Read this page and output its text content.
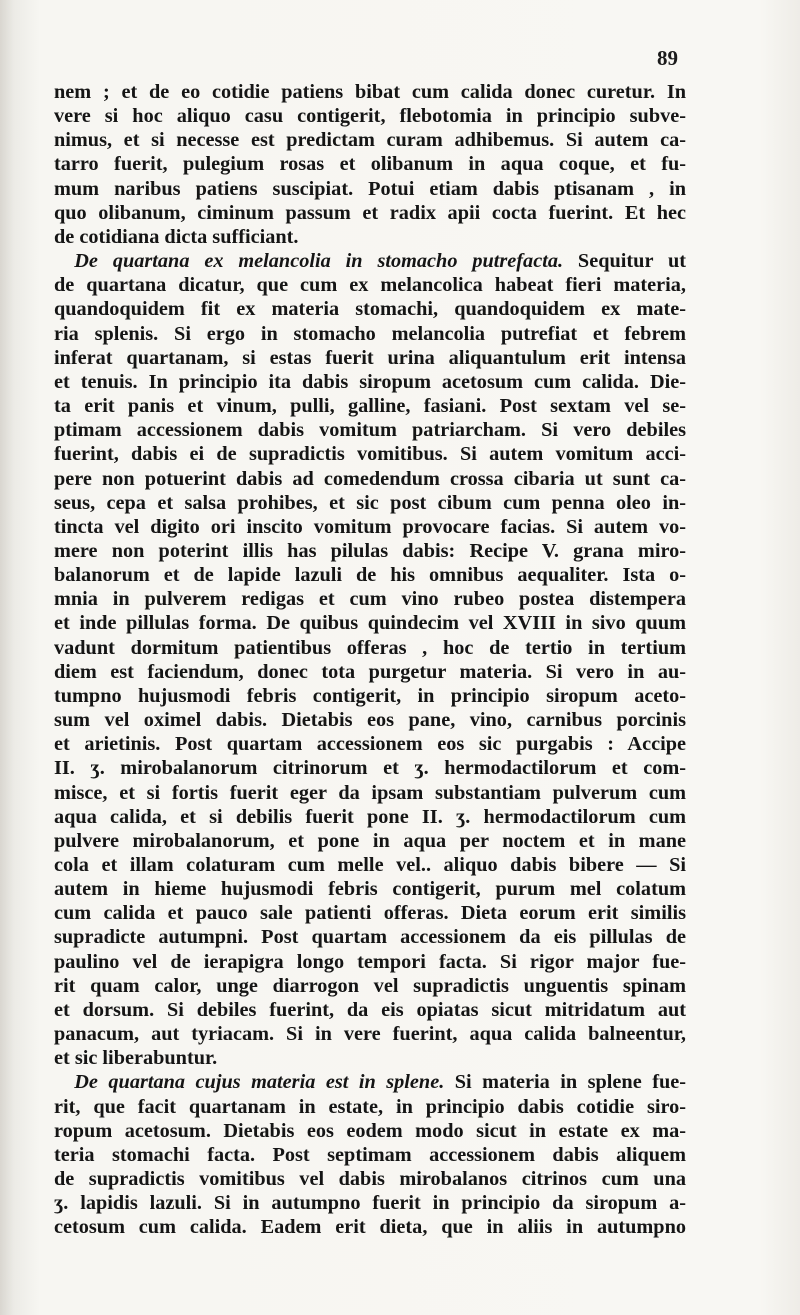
89
nem ; et de eo cotidie patiens bibat cum calida donec curetur. In
vere si hoc aliquo casu contigerit, flebotomia in principio subve-
nimus, et si necesse est predictam curam adhibemus. Si autem ca-
tarro fuerit, pulegium rosas et olibanum in aqua coque, et fu-
mum naribus patiens suscipiat. Potui etiam dabis ptisanam , in
quo olibanum, ciminum passum et radix apii cocta fuerint. Et hec
de cotidiana dicta sufficiant.
 De quartana ex melancolia in stomacho putrefacta. Sequitur ut
de quartana dicatur, que cum ex melancolica habeat fieri materia,
quandoquidem fit ex materia stomachi, quandoquidem ex mate-
ria splenis. Si ergo in stomacho melancolia putrefiat et febrem
inferat quartanam, si estas fuerit urina aliquantulum erit intensa
et tenuis. In principio ita dabis siropum acetosum cum calida. Die-
ta erit panis et vinum, pulli, galline, fasiani. Post sextam vel se-
ptimam accessionem dabis vomitum patriarcham. Si vero debiles
fuerint, dabis ei de supradictis vomitibus. Si autem vomitum acci-
pere non potuerint dabis ad comedendum crossa cibaria ut sunt ca-
seus, cepa et salsa prohibes, et sic post cibum cum penna oleo in-
tincta vel digito ori inscito vomitum provocare facias. Si autem vo-
mere non poterint illis has pilulas dabis: Recipe V. grana miro-
balanorum et de lapide lazuli de his omnibus aequaliter. Ista o-
mnia in pulverem redigas et cum vino rubeo postea distempera
et inde pillulas forma. De quibus quindecim vel XVIII in sivo quum
vadunt dormitum patientibus offeras , hoc de tertio in tertium
diem est faciendum, donec tota purgetur materia. Si vero in au-
tumpno hujusmodi febris contigerit, in principio siropum aceto-
sum vel oximel dabis. Dietabis eos pane, vino, carnibus porcinis
et arietinis. Post quartam accessionem eos sic purgabis : Accipe
II. ʒ. mirobalanorum citrinorum et ʒ. hermodactilorum et com-
misce, et si fortis fuerit eger da ipsam substantiam pulverum cum
aqua calida, et si debilis fuerit pone II. ʒ. hermodactilorum cum
pulvere mirobalanorum, et pone in aqua per noctem et in mane
cola et illam colaturam cum melle vel.. aliquo dabis bibere — Si
autem in hieme hujusmodi febris contigerit, purum mel colatum
cum calida et pauco sale patienti offeras. Dieta eorum erit similis
supradicte autumpni. Post quartam accessionem da eis pillulas de
paulino vel de ierapigra longo tempori facta. Si rigor major fue-
rit quam calor, unge diarrogon vel supradictis unguentis spinam
et dorsum. Si debiles fuerint, da eis opiatas sicut mitridatum aut
panacum, aut tyriacam. Si in vere fuerint, aqua calida balneentur,
et sic liberabuntur.
 De quartana cujus materia est in splene. Si materia in splene fue-
rit, que facit quartanam in estate, in principio dabis cotidie siro-
ropum acetosum. Dietabis eos eodem modo sicut in estate ex ma-
teria stomachi facta. Post septimam accessionem dabis aliquem
de supradictis vomitibus vel dabis mirobalanos citrinos cum una
ʒ. lapidis lazuli. Si in autumpno fuerit in principio da siropum a-
cetosum cum calida. Eadem erit dieta, que in aliis in autumpno
